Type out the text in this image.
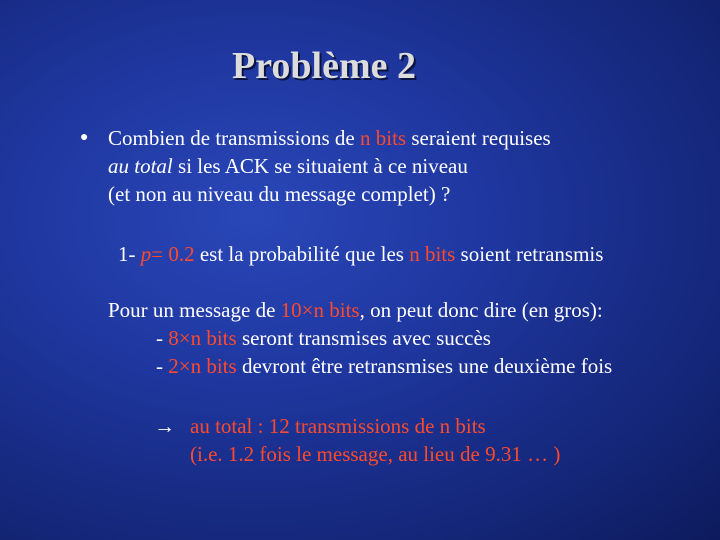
Problème 2
● Combien de transmissions de n bits seraient requises
au total si les ACK se situaient à ce niveau
(et non au niveau du message complet) ?
1- p= 0.2 est la probabilité que les n bits soient retransmis
Pour un message de 10×n bits, on peut donc dire (en gros):
- 8×n bits seront transmises avec succès
- 2×n bits devront être retransmises une deuxième fois
→ au total : 12 transmissions de n bits
(i.e. 1.2 fois le message, au lieu de 9.31 … )
